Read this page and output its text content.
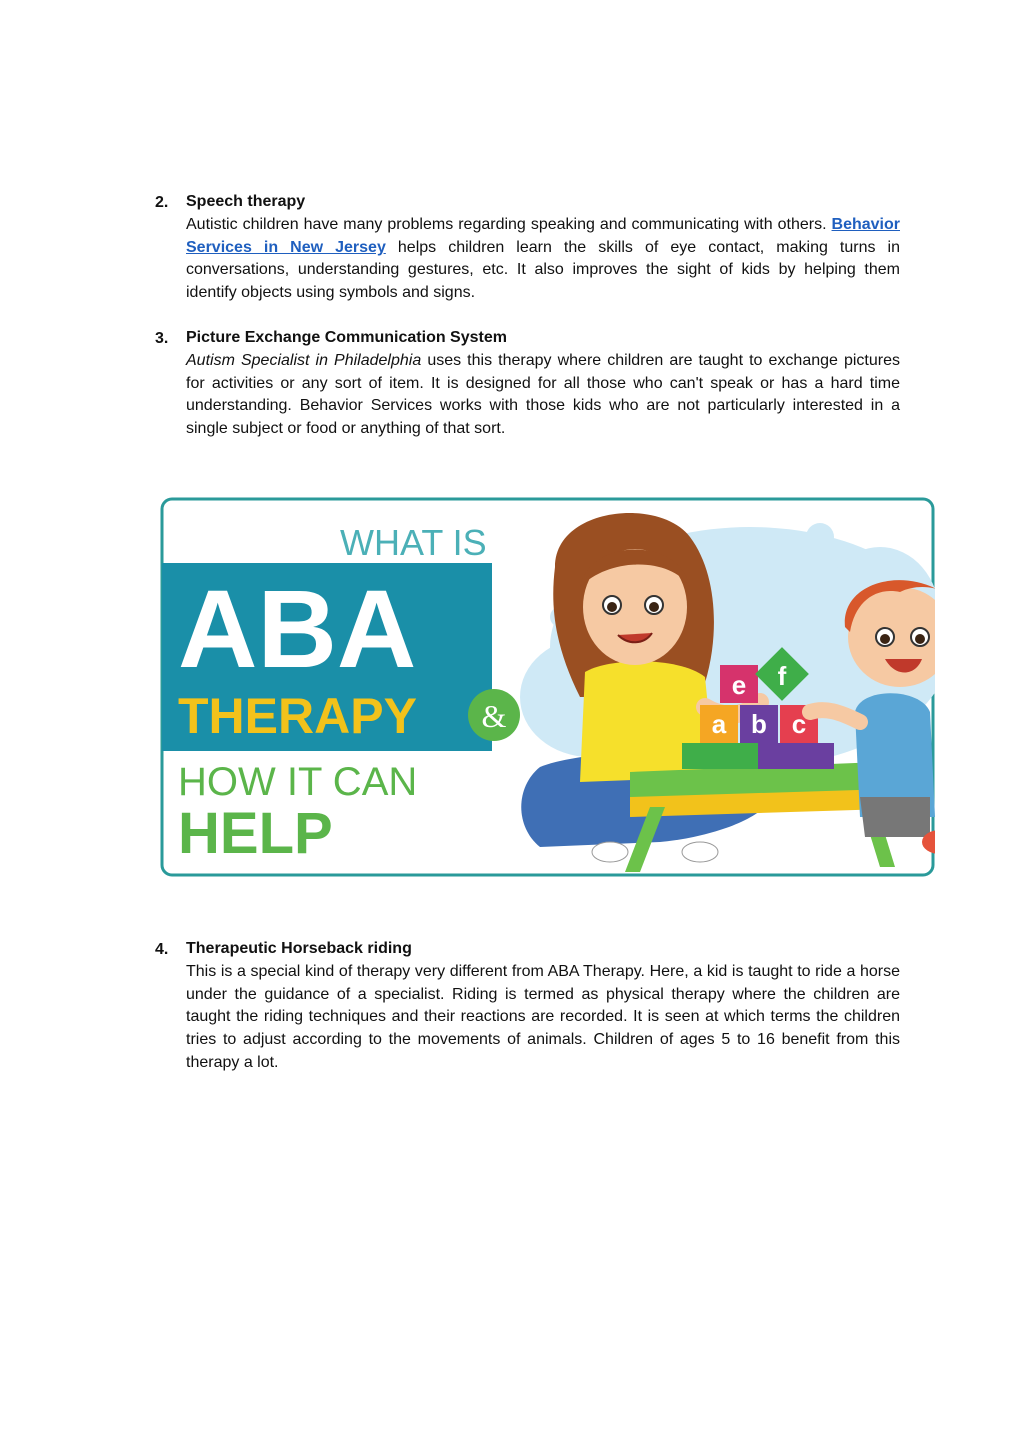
2. Speech therapy
Autistic children have many problems regarding speaking and communicating with others. Behavior Services in New Jersey helps children learn the skills of eye contact, making turns in conversations, understanding gestures, etc. It also improves the sight of kids by helping them identify objects using symbols and signs.
3. Picture Exchange Communication System
Autism Specialist in Philadelphia uses this therapy where children are taught to exchange pictures for activities or any sort of item. It is designed for all those who can't speak or has a hard time understanding. Behavior Services works with those kids who are not particularly interested in a single subject or food or anything of that sort.
WHAT IS
ABA
THERAPY &
HOW IT CAN
HELP
e f
a b c
4. Therapeutic Horseback riding
This is a special kind of therapy very different from ABA Therapy. Here, a kid is taught to ride a horse under the guidance of a specialist. Riding is termed as physical therapy where the children are taught the riding techniques and their reactions are recorded. It is seen at which terms the children tries to adjust according to the movements of animals. Children of ages 5 to 16 benefit from this therapy a lot.
